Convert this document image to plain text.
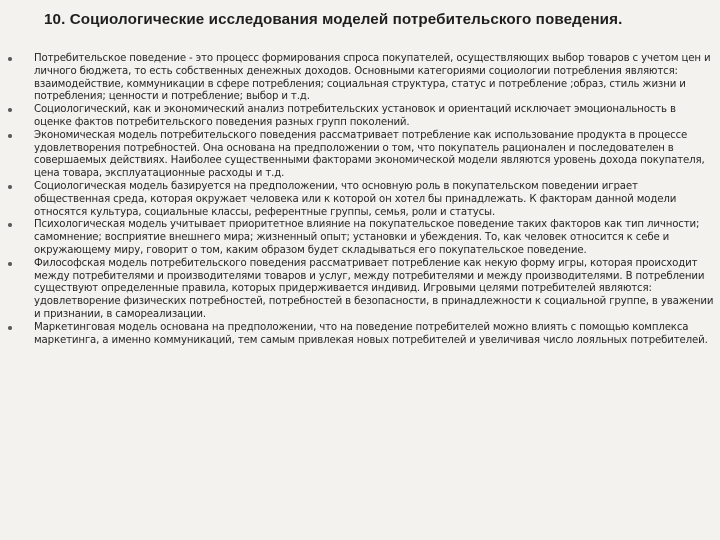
10. Социологические исследования моделей потребительского поведения.
Потребительское поведение - это процесс формирования спроса покупателей, осуществляющих выбор товаров с учетом цен и личного бюджета, то есть собственных денежных доходов. Основными категориями социологии потребления являются: взаимодействие, коммуникации в сфере потребления; социальная структура, статус и потребление ;образ, стиль жизни и потребления; ценности и потребление; выбор и т.д.
Социологический, как и экономический анализ потребительских установок и ориентаций исключает эмоциональность в оценке фактов потребительского поведения разных групп поколений.
Экономическая модель потребительского поведения рассматривает потребление как использование продукта в процессе удовлетворения потребностей. Она основана на предположении о том, что покупатель рационален и последователен в совершаемых действиях. Наиболее существенными факторами экономической модели являются уровень дохода покупателя, цена товара, эксплуатационные расходы и т.д.
Социологическая модель базируется на предположении, что основную роль в покупательском поведении играет общественная среда, которая окружает человека или к которой он хотел бы принадлежать. К факторам данной модели относятся культура, социальные классы, референтные группы, семья, роли и статусы.
Психологическая модель учитывает приоритетное влияние на покупательское поведение таких факторов как тип личности; самомнение; восприятие внешнего мира; жизненный опыт; установки и убеждения. То, как человек относится к себе и окружающему миру, говорит о том, каким образом будет складываться его покупательское поведение.
Философская модель потребительского поведения рассматривает потребление как некую форму игры, которая происходит между потребителями и производителями товаров и услуг, между потребителями и между производителями. В потреблении существуют определенные правила, которых придерживается индивид. Игровыми целями потребителей являются: удовлетворение физических потребностей, потребностей в безопасности, в принадлежности к социальной группе, в уважении и признании, в самореализации.
Маркетинговая модель основана на предположении, что на поведение потребителей можно влиять с помощью комплекса маркетинга, а именно коммуникаций, тем самым привлекая новых потребителей и увеличивая число лояльных потребителей.
